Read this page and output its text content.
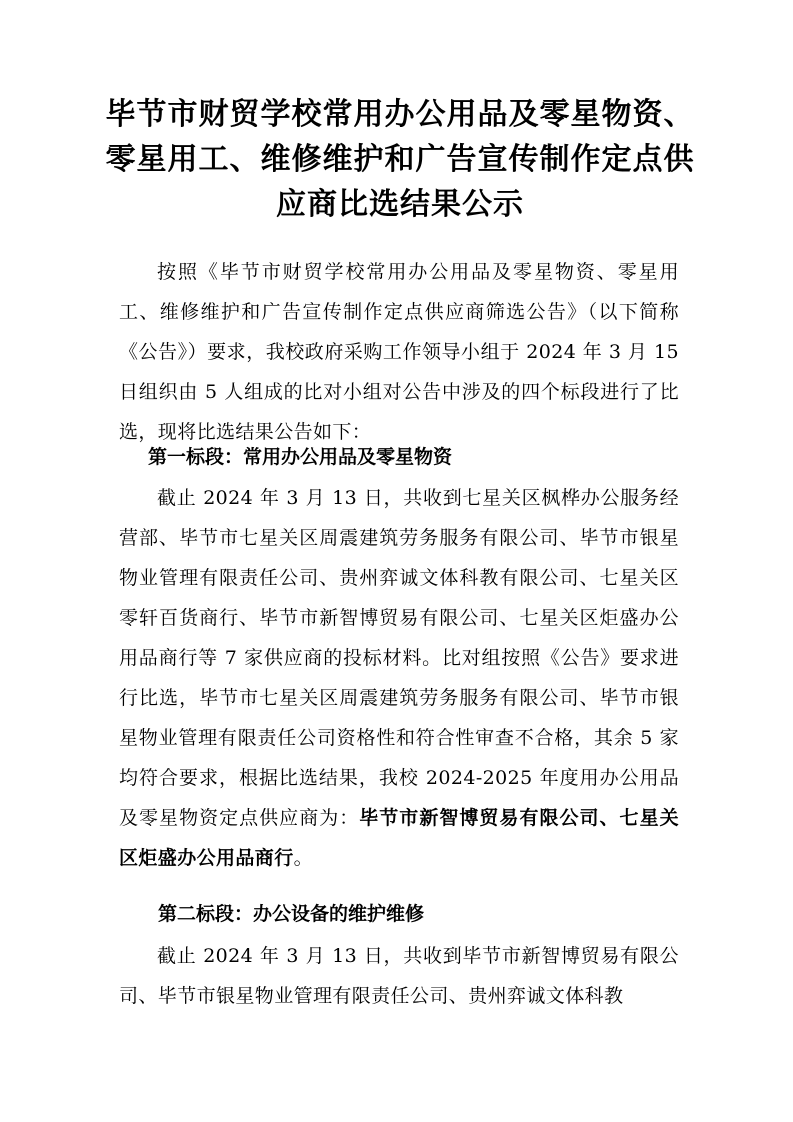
毕节市财贸学校常用办公用品及零星物资、零星用工、维修维护和广告宣传制作定点供应商比选结果公示

按照《毕节市财贸学校常用办公用品及零星物资、零星用工、维修维护和广告宣传制作定点供应商筛选公告》（以下简称《公告》）要求，我校政府采购工作领导小组于 2024 年 3 月 15 日组织由 5 人组成的比对小组对公告中涉及的四个标段进行了比选，现将比选结果公告如下：

第一标段：常用办公用品及零星物资

截止 2024 年 3 月 13 日，共收到七星关区枫桦办公服务经营部、毕节市七星关区周震建筑劳务服务有限公司、毕节市银星物业管理有限责任公司、贵州弈诚文体科教有限公司、七星关区零轩百货商行、毕节市新智博贸易有限公司、七星关区炬盛办公用品商行等 7 家供应商的投标材料。比对组按照《公告》要求进行比选，毕节市七星关区周震建筑劳务服务有限公司、毕节市银星物业管理有限责任公司资格性和符合性审查不合格，其余 5 家均符合要求，根据比选结果，我校 2024-2025 年度用办公用品及零星物资定点供应商为：毕节市新智博贸易有限公司、七星关区炬盛办公用品商行。

第二标段：办公设备的维护维修

截止 2024 年 3 月 13 日，共收到毕节市新智博贸易有限公司、毕节市银星物业管理有限责任公司、贵州弈诚文体科教
